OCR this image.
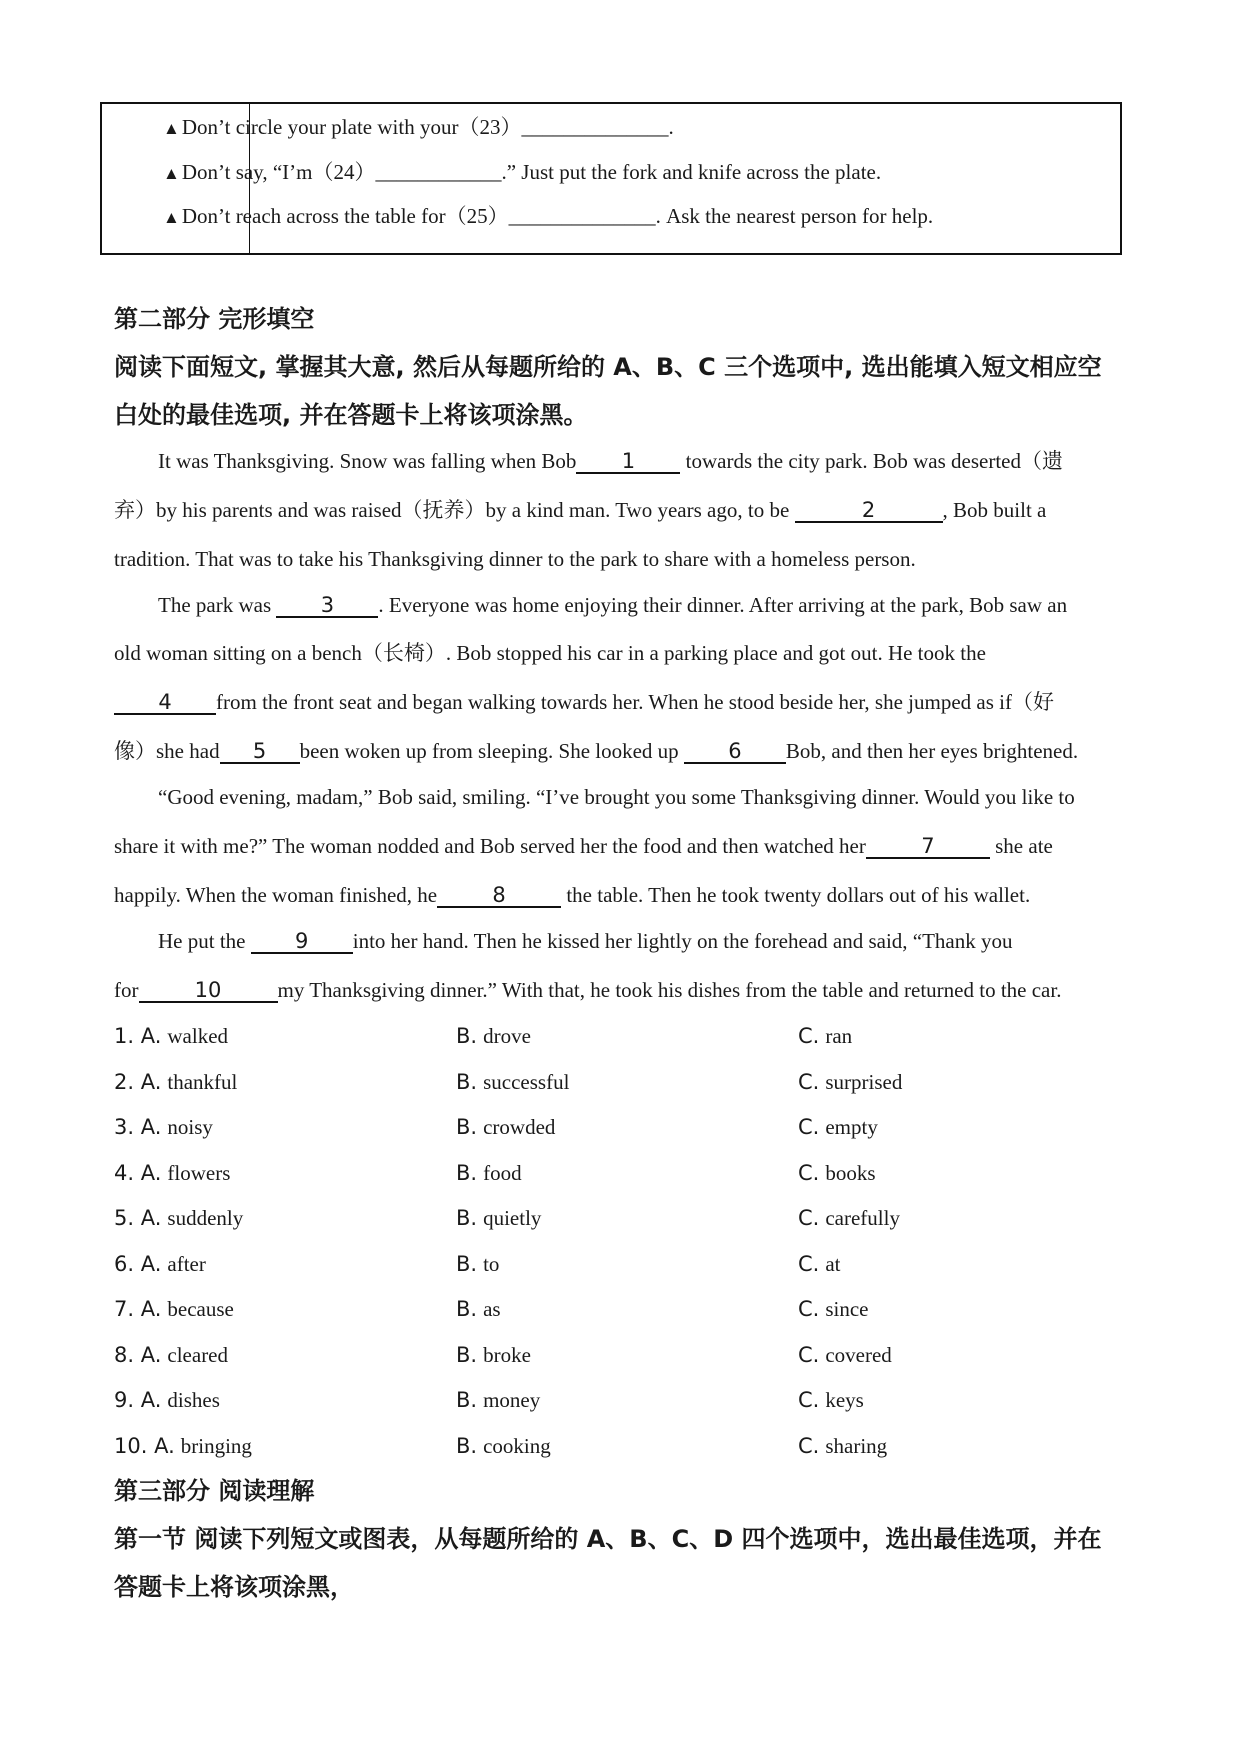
▲Don’t circle your plate with your（23）______________.
▲Don’t say, “I’m（24）____________.” Just put the fork and knife across the plate.
▲Don’t reach across the table for（25）______________. Ask the nearest person for help.
第二部分 完形填空
阅读下面短文, 掌握其大意, 然后从每题所给的 A、B、C 三个选项中, 选出能填入短文相应空白处的最佳选项, 并在答题卡上将该项涂黑。
It was Thanksgiving. Snow was falling when Bob 1 towards the city park. Bob was deserted（遗
弃）by his parents and was raised（抚养）by a kind man. Two years ago, to be	2	, Bob built a
tradition. That was to take his Thanksgiving dinner to the park to share with a homeless person.
The park was 3 . Everyone was home enjoying their dinner. After arriving at the park, Bob saw an
old woman sitting on a bench（长椅）. Bob stopped his car in a parking place and got out. He took the
4 from the front seat and began walking towards her. When he stood beside her, she jumped as if（好
像）she had 5 been woken up from sleeping. She looked up 6 Bob, and then her eyes brightened.
“Good evening, madam,” Bob said, smiling. “I’ve brought you some Thanksgiving dinner. Would you like to
share it with me?” The woman nodded and Bob served her the food and then watched her	7	she ate
happily. When the woman finished, he	8	the table. Then he took twenty dollars out of his wallet.
He put the 9 into her hand. Then he kissed her lightly on the forehead and said, “Thank you
for	10	my Thanksgiving dinner.” With that, he took his dishes from the table and returned to the car.
1. A. walked	B. drove	C. ran
2. A. thankful	B. successful	C. surprised
3. A. noisy	B. crowded	C. empty
4. A. flowers	B. food	C. books
5. A. suddenly	B. quietly	C. carefully
6. A. after	B. to	C. at
7. A. because	B. as	C. since
8. A. cleared	B. broke	C. covered
9. A. dishes	B. money	C. keys
10. A. bringing	B. cooking	C. sharing
第三部分 阅读理解
第一节 阅读下列短文或图表，从每题所给的 A、B、C、D 四个选项中，选出最佳选项，并在答题卡上将该项涂黑，
